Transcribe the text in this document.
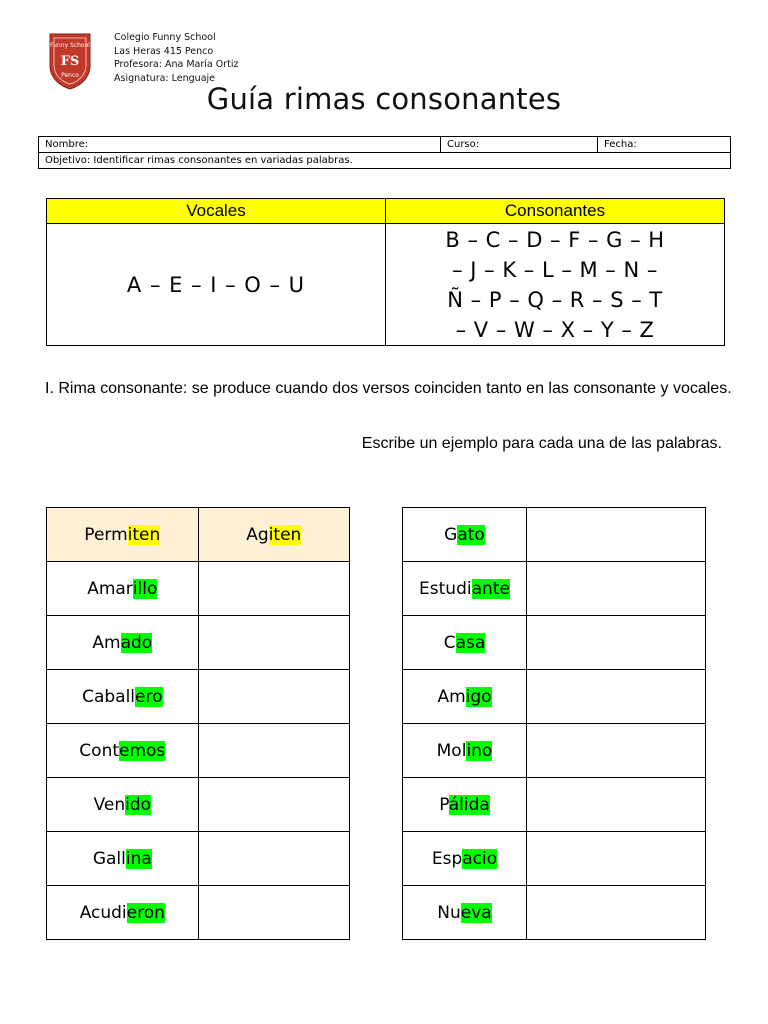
Funny School
FS
Penco
Colegio Funny School
Las Heras 415 Penco
Profesora: Ana María Ortiz
Asignatura: Lenguaje
Guía rimas consonantes
Nombre:	Curso:	Fecha:
Objetivo: Identificar rimas consonantes en variadas palabras.
Vocales	Consonantes
A – E – I – O – U	B – C – D – F – G – H
– J – K – L – M – N –
Ñ – P – Q – R – S – T
– V – W – X – Y – Z
I. Rima consonante: se produce cuando dos versos coinciden tanto en las consonante y vocales.
Escribe un ejemplo para cada una de las palabras.
Permiten	Agiten
Amarillo	
Amado	
Caballero	
Contemos	
Venido	
Gallina	
Acudieron	
Gato	
Estudiante	
Casa	
Amigo	
Molino	
Pálida	
Espacio	
Nueva	
